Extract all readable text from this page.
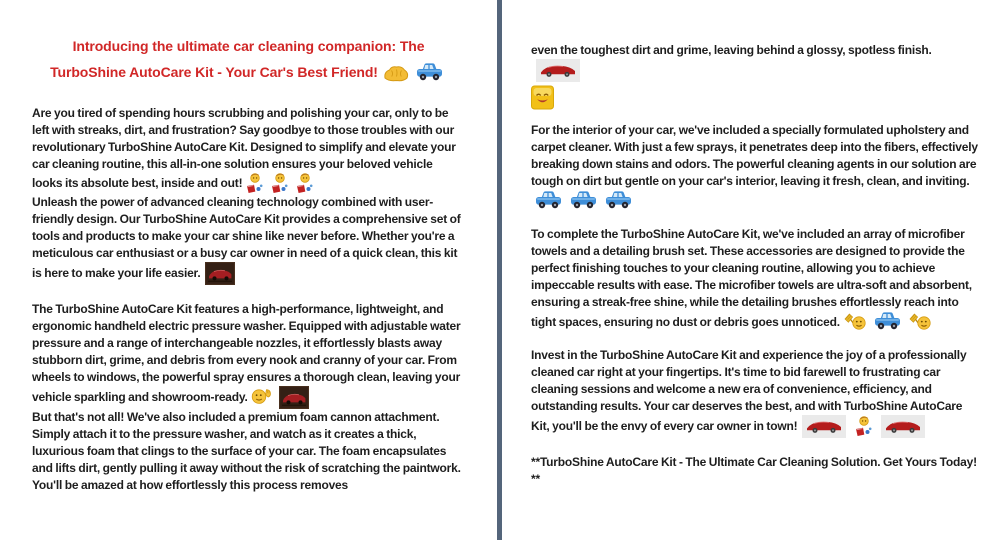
Introducing the ultimate car cleaning companion: The TurboShine AutoCare Kit - Your Car's Best Friend!

Are you tired of spending hours scrubbing and polishing your car, only to be left with streaks, dirt, and frustration? Say goodbye to those troubles with our revolutionary TurboShine AutoCare Kit. Designed to simplify and elevate your car cleaning routine, this all-in-one solution ensures your beloved vehicle looks its absolute best, inside and out!

Unleash the power of advanced cleaning technology combined with user-friendly design. Our TurboShine AutoCare Kit provides a comprehensive set of tools and products to make your car shine like never before. Whether you're a meticulous car enthusiast or a busy car owner in need of a quick clean, this kit is here to make your life easier.

The TurboShine AutoCare Kit features a high-performance, lightweight, and ergonomic handheld electric pressure washer. Equipped with adjustable water pressure and a range of interchangeable nozzles, it effortlessly blasts away stubborn dirt, grime, and debris from every nook and cranny of your car. From wheels to windows, the powerful spray ensures a thorough clean, leaving your vehicle sparkling and showroom-ready.

But that's not all! We've also included a premium foam cannon attachment. Simply attach it to the pressure washer, and watch as it creates a thick, luxurious foam that clings to the surface of your car. The foam encapsulates and lifts dirt, gently pulling it away without the risk of scratching the paintwork. You'll be amazed at how effortlessly this process removes

even the toughest dirt and grime, leaving behind a glossy, spotless finish.

For the interior of your car, we've included a specially formulated upholstery and carpet cleaner. With just a few sprays, it penetrates deep into the fibers, effectively breaking down stains and odors. The powerful cleaning agents in our solution are tough on dirt but gentle on your car's interior, leaving it fresh, clean, and inviting.

To complete the TurboShine AutoCare Kit, we've included an array of microfiber towels and a detailing brush set. These accessories are designed to provide the perfect finishing touches to your cleaning routine, allowing you to achieve impeccable results with ease. The microfiber towels are ultra-soft and absorbent, ensuring a streak-free shine, while the detailing brushes effortlessly reach into tight spaces, ensuring no dust or debris goes unnoticed.

Invest in the TurboShine AutoCare Kit and experience the joy of a professionally cleaned car right at your fingertips. It's time to bid farewell to frustrating car cleaning sessions and welcome a new era of convenience, efficiency, and outstanding results. Your car deserves the best, and with TurboShine AutoCare Kit, you'll be the envy of every car owner in town!

**TurboShine AutoCare Kit - The Ultimate Car Cleaning Solution. Get Yours Today! **
